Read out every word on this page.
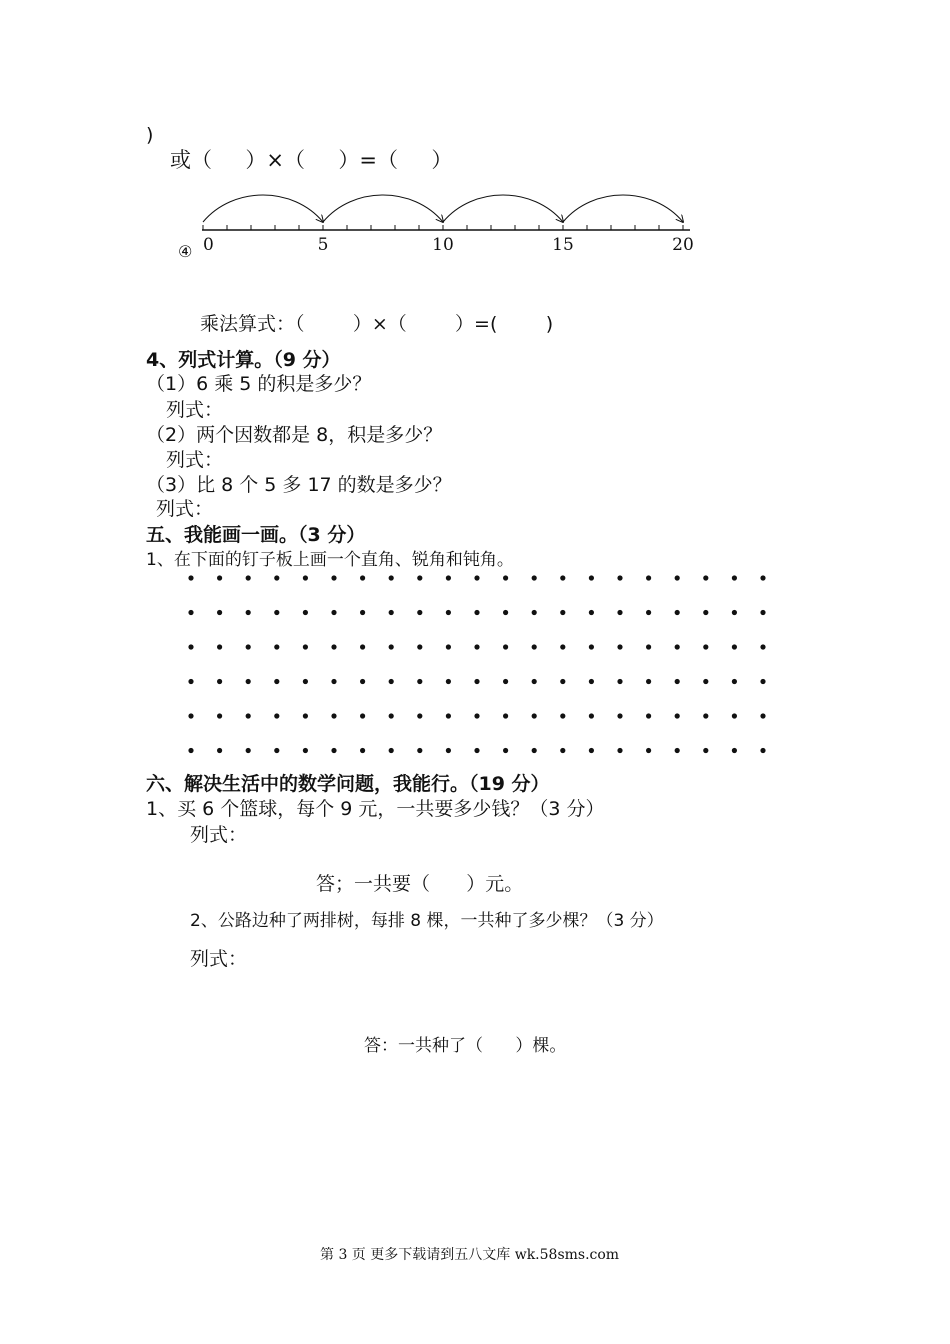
)
或（     ）×（     ）=（     ）
0	5	10	15	20
④
乘法算式：（        ）×（        ）=(        )
4、列式计算。（9 分）
（1）6 乘 5 的积是多少？
列式：
（2）两个因数都是 8，积是多少？
列式：
（3）比 8 个 5 多 17 的数是多少？
列式：
五、我能画一画。（3 分）
1、在下面的钉子板上画一个直角、锐角和钝角。
六、解决生活中的数学问题，我能行。（19 分）
1、买 6 个篮球，每个 9 元，一共要多少钱？（3 分）
列式：
答；一共要（      ）元。
2、公路边种了两排树，每排 8 棵，一共种了多少棵？（3 分）
列式：
答：一共种了（      ）棵。
第 3 页 更多下载请到五八文库 wk.58sms.com
